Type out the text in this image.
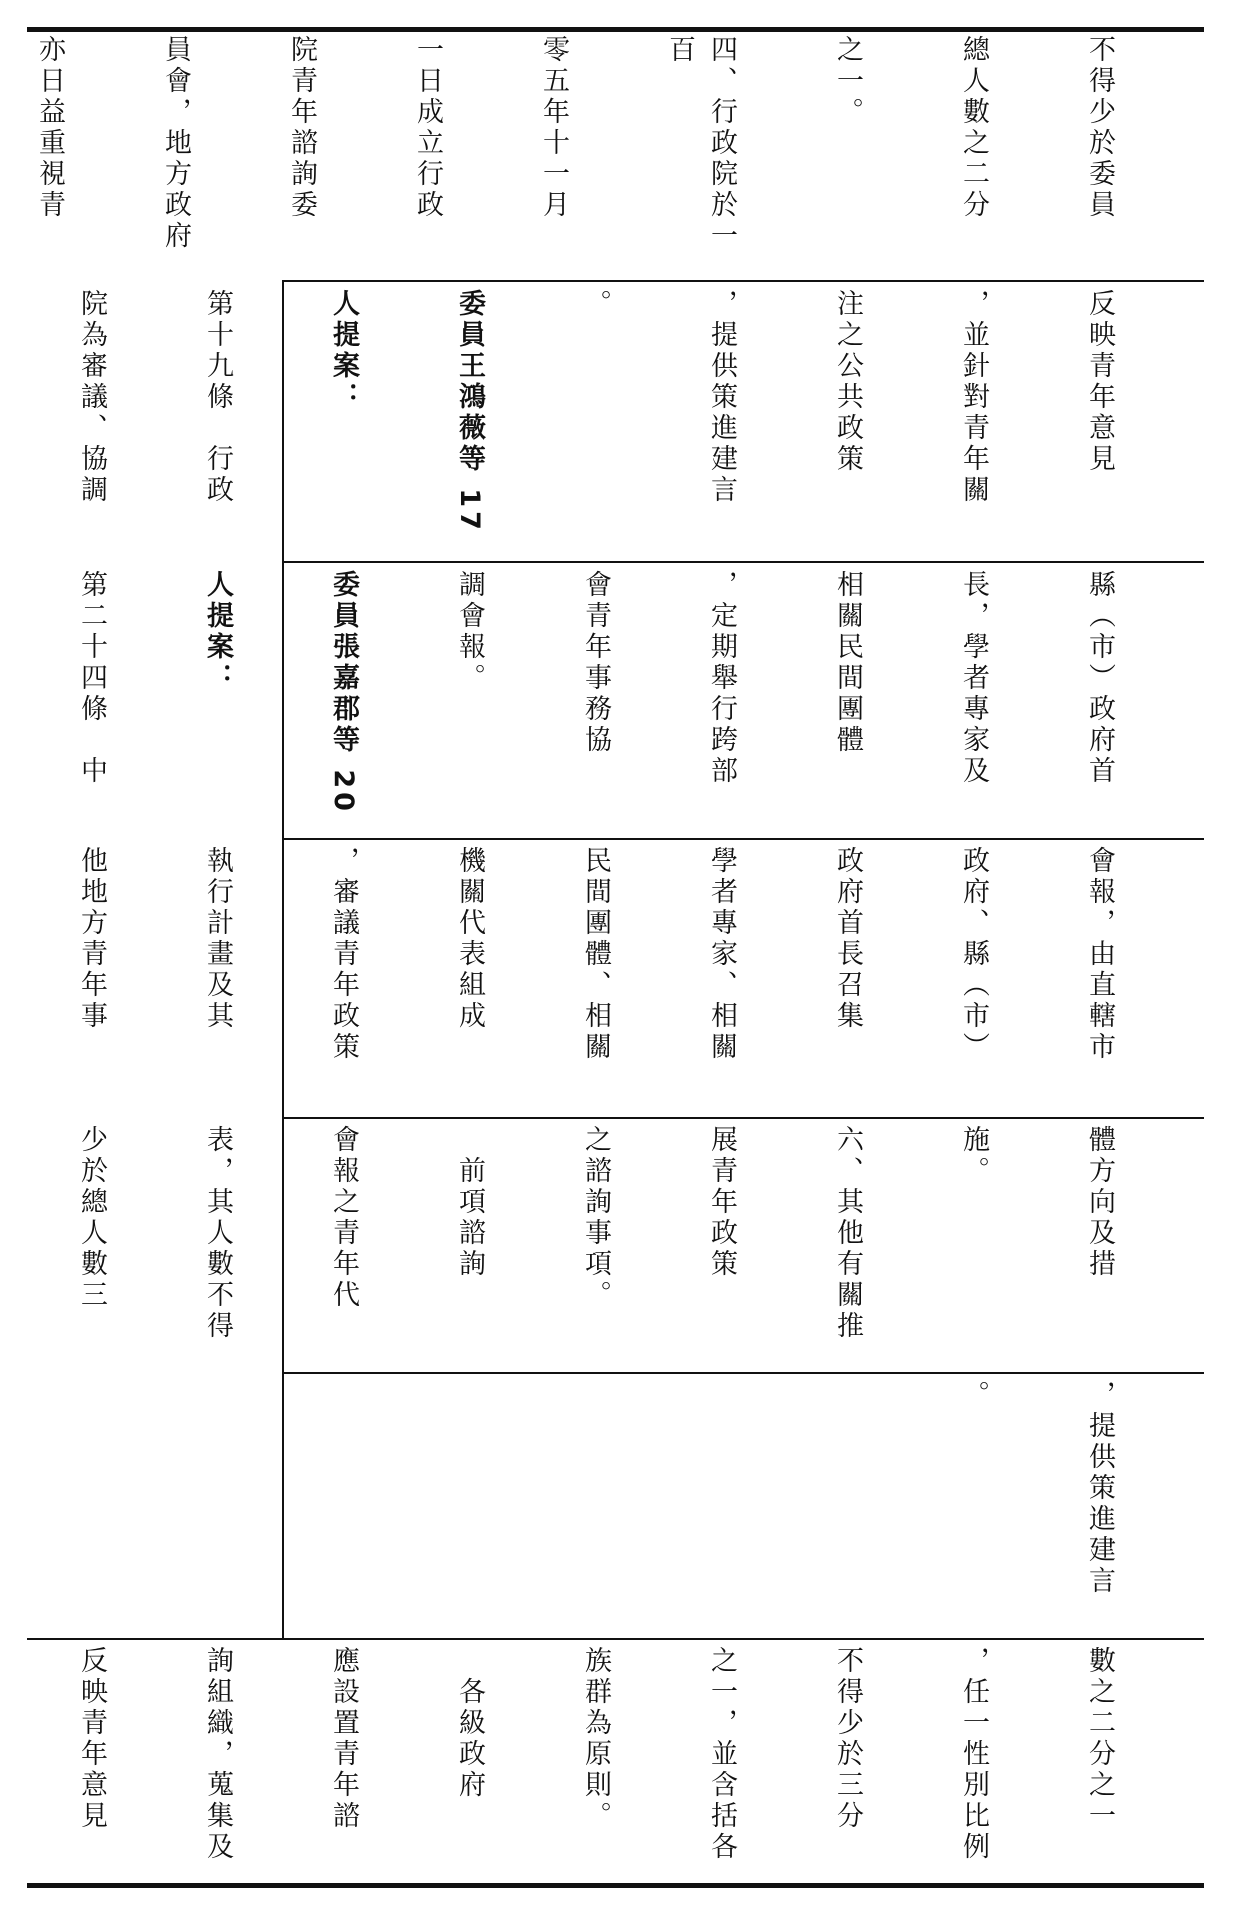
不得少於委員

總人數之二分

之一。

四、行政院於一百

零五年十一月

一日成立行政

院青年諮詢委

員會，地方政府

亦日益重視青

反映青年意見

，並針對青年關

注之公共政策

，提供策進建言

。

委員王鴻薇等 17

人提案：

第十九條　行政

院為審議、協調

縣（市）政府首

長，學者專家及

相關民間團體

，定期舉行跨部

會青年事務協

調會報。

委員張嘉郡等 20

人提案：

第二十四條　中

會報，由直轄市

政府、縣（市）

政府首長召集

學者專家、相關

民間團體、相關

機關代表組成

，審議青年政策

執行計畫及其

他地方青年事

體方向及措

施。

六、其他有關推

展青年政策

之諮詢事項。

　前項諮詢

會報之青年代

表，其人數不得

少於總人數三

，提供策進建言

。

數之二分之一

，任一性別比例

不得少於三分

之一，並含括各

族群為原則。

　各級政府

應設置青年諮

詢組織，蒐集及

反映青年意見
